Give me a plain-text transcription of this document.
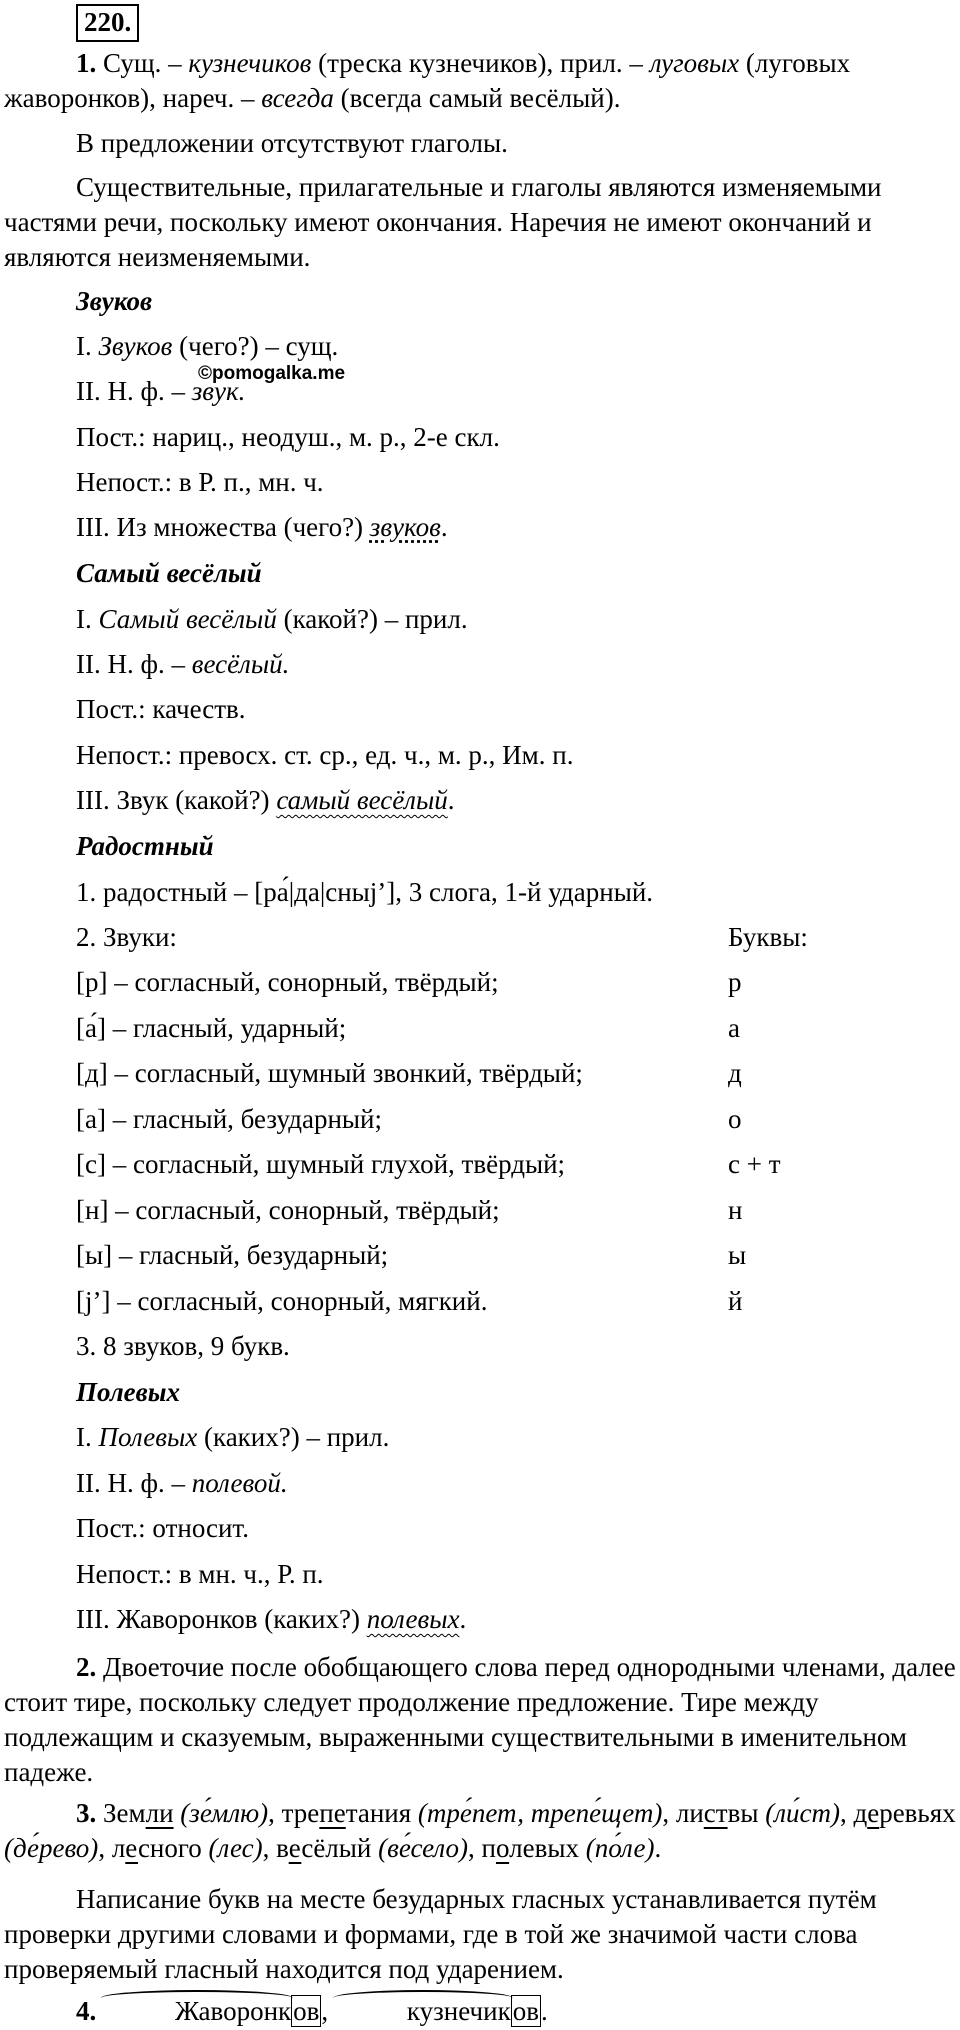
220.

1. Сущ. – кузнечиков (треска кузнечиков), прил. – луговых (луговых жаворонков), нареч. – всегда (всегда самый весёлый).

В предложении отсутствуют глаголы.

Существительные, прилагательные и глаголы являются изменяемыми частями речи, поскольку имеют окончания. Наречия не имеют окончаний и являются неизменяемыми.

Звуков

I. Звуков (чего?) – сущ.

II. Н. ф. – звук.

Пост.: нариц., неодуш., м. р., 2-е скл.

Непост.: в Р. п., мн. ч.

III. Из множества (чего?) звуков.

©pomogalka.me

Самый весёлый

I. Самый весёлый (какой?) – прил.

II. Н. ф. – весёлый.

Пост.: качеств.

Непост.: превосх. ст. ср., ед. ч., м. р., Им. п.

III. Звук (какой?) самый весёлый.

Радостный

1. радостный – [ра́|да|сныj’], 3 слога, 1-й ударный.

2. Звуки:	Буквы:

[р] – согласный, сонорный, твёрдый;	р

[а́] – гласный, ударный;	а

[д] – согласный, шумный звонкий, твёрдый;	д

[а] – гласный, безударный;	о

[с] – согласный, шумный глухой, твёрдый;	с + т

[н] – согласный, сонорный, твёрдый;	н

[ы] – гласный, безударный;	ы

[j’] – согласный, сонорный, мягкий.	й

3. 8 звуков, 9 букв.

Полевых

I. Полевых (каких?) – прил.

II. Н. ф. – полевой.

Пост.: относит.

Непост.: в мн. ч., Р. п.

III. Жаворонков (каких?) полевых.

2. Двоеточие после обобщающего слова перед однородными членами, далее стоит тире, поскольку следует продолжение предложение. Тире между подлежащим и сказуемым, выраженными существительными в именительном падеже.

3. Земли (зе́млю), трепетания (тре́пет, трепе́щет), листвы (ли́ст), деревьях (де́рево), лесного (лес), весёлый (ве́село), полевых (по́ле).

Написание букв на месте безударных гласных устанавливается путём проверки другими словами и формами, где в той же значимой части слова проверяемый гласный находится под ударением.

4.	Жаворонков,	кузнечиков.
